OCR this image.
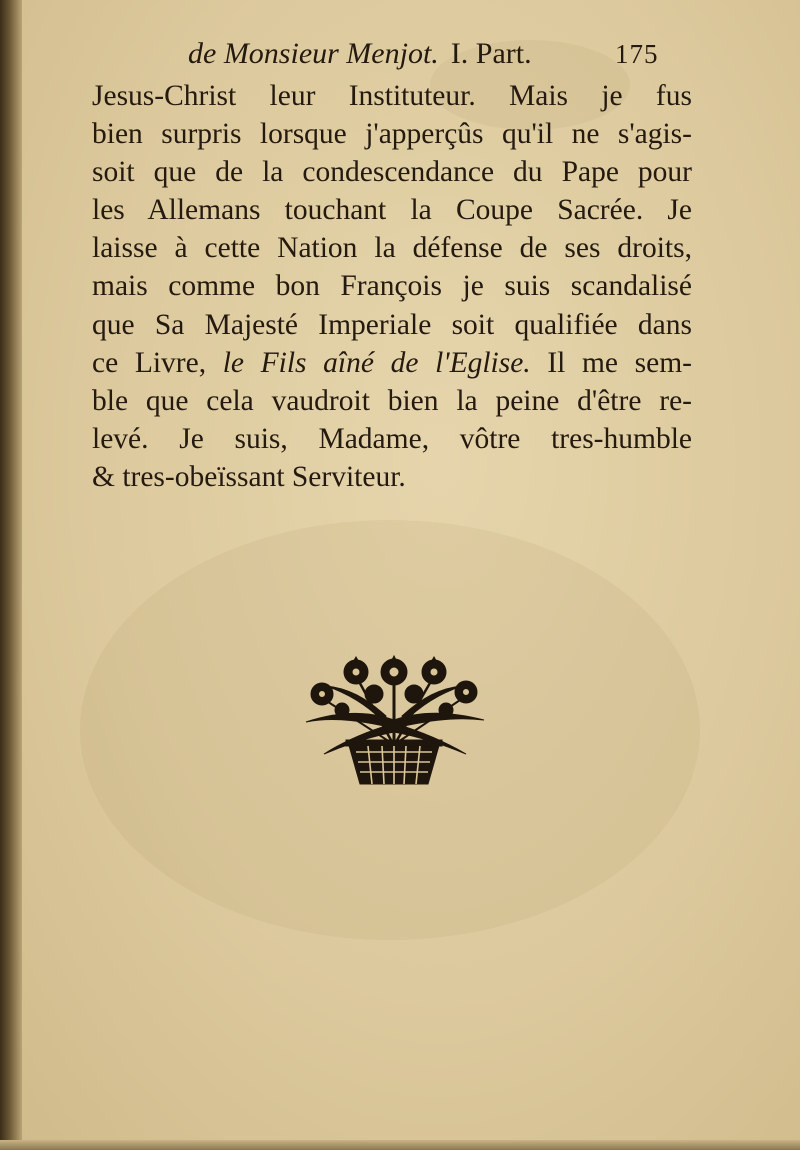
de Monsieur Menjot. I. Part.	175
Jesus-Christ leur Instituteur. Mais je fus
bien surpris lorsque j'apperçûs qu'il ne s'agis-
soit que de la condescendance du Pape pour
les Allemans touchant la Coupe Sacrée. Je
laisse à cette Nation la défense de ses droits,
mais comme bon François je suis scandalisé
que Sa Majesté Imperiale soit qualifiée dans
ce Livre, le Fils aîné de l'Eglise. Il me sem-
ble que cela vaudroit bien la peine d'être re-
levé. Je suis, Madame, vôtre tres-humble
& tres-obeïssant Serviteur.
